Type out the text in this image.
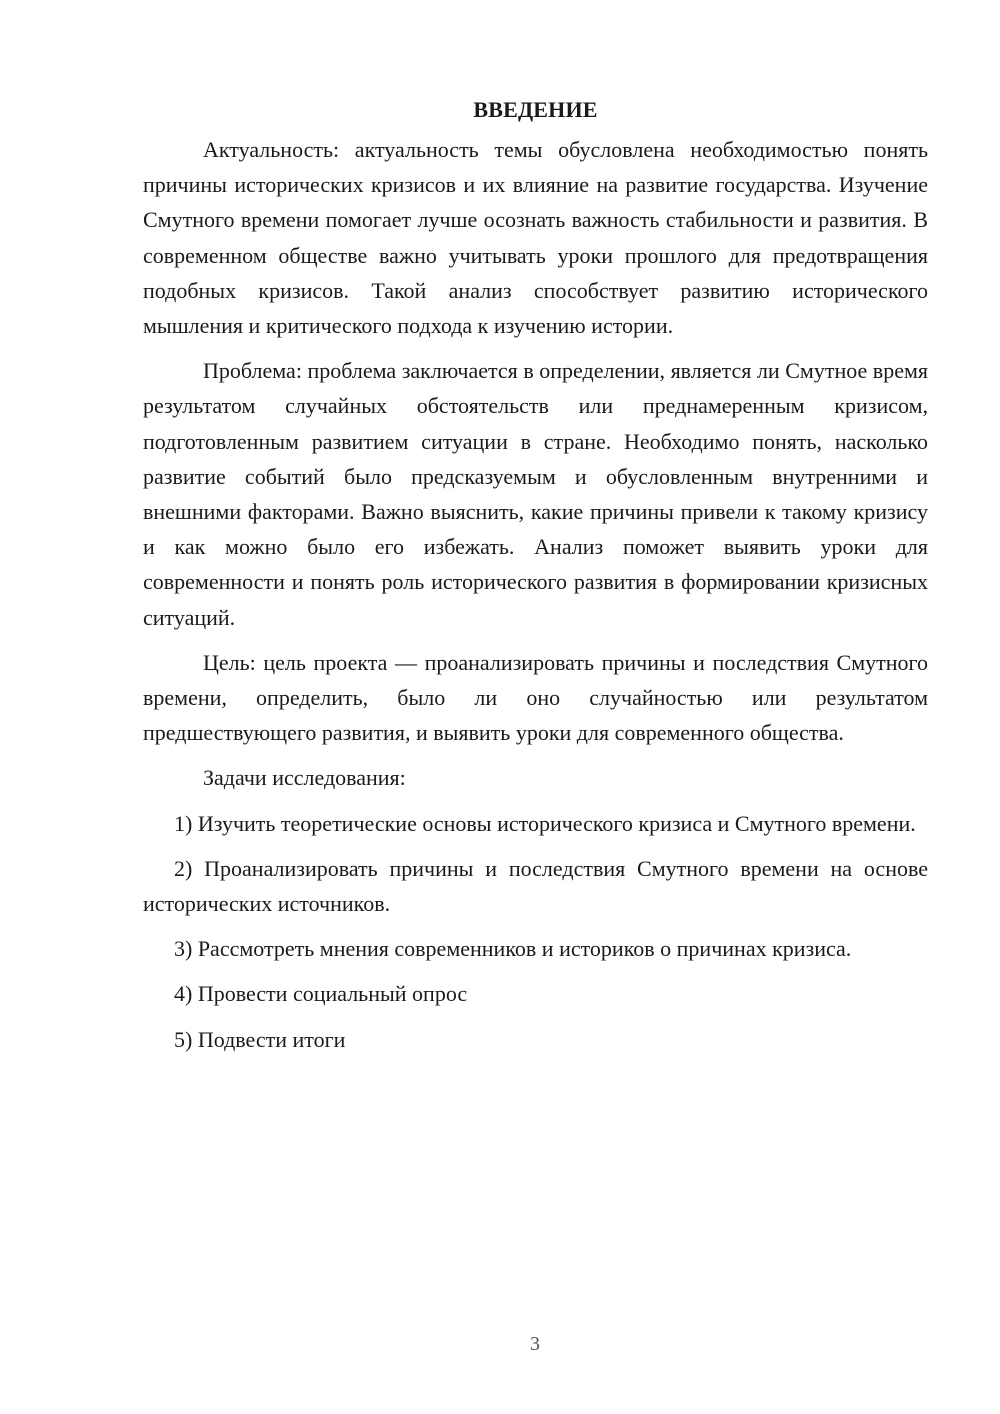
ВВЕДЕНИЕ

Актуальность: актуальность темы обусловлена необходимостью понять причины исторических кризисов и их влияние на развитие государства. Изучение Смутного времени помогает лучше осознать важность стабильности и развития. В современном обществе важно учитывать уроки прошлого для предотвращения подобных кризисов. Такой анализ способствует развитию исторического мышления и критического подхода к изучению истории.

Проблема: проблема заключается в определении, является ли Смутное время результатом случайных обстоятельств или преднамеренным кризисом, подготовленным развитием ситуации в стране. Необходимо понять, насколько развитие событий было предсказуемым и обусловленным внутренними и внешними факторами. Важно выяснить, какие причины привели к такому кризису и как можно было его избежать. Анализ поможет выявить уроки для современности и понять роль исторического развития в формировании кризисных ситуаций.

Цель: цель проекта — проанализировать причины и последствия Смутного времени, определить, было ли оно случайностью или результатом предшествующего развития, и выявить уроки для современного общества.

Задачи исследования:

1) Изучить теоретические основы исторического кризиса и Смутного времени.

2) Проанализировать причины и последствия Смутного времени на основе исторических источников.

3) Рассмотреть мнения современников и историков о причинах кризиса.

4) Провести социальный опрос

5) Подвести итоги

3
